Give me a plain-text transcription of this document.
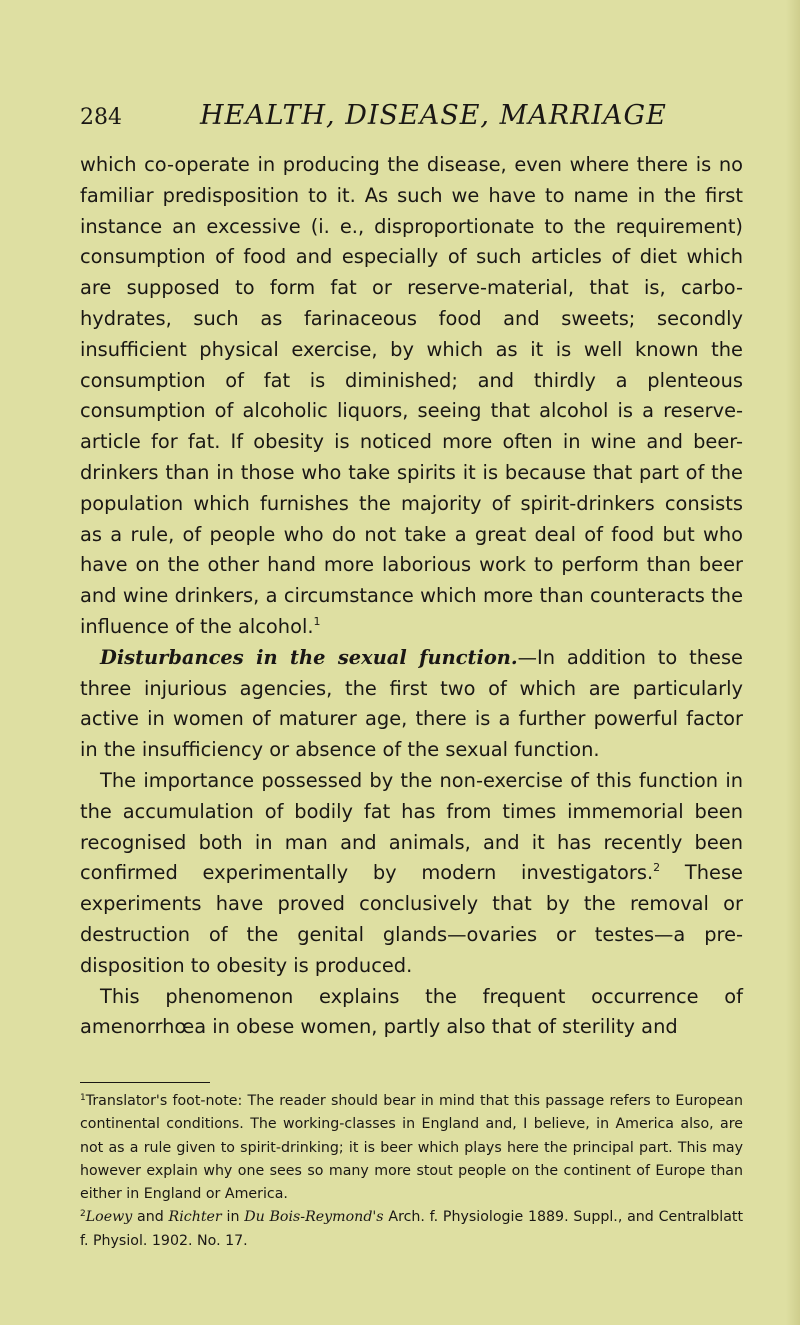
284	HEALTH, DISEASE, MARRIAGE

which co-operate in producing the disease, even where there is no familiar predisposition to it. As such we have to name in the first instance an excessive (i. e., disproportionate to the requirement) consumption of food and especially of such articles of diet which are supposed to form fat or reserve-material, that is, carbo-hydrates, such as farinaceous food and sweets; secondly insufficient physical exercise, by which as it is well known the consumption of fat is diminished; and thirdly a plenteous consumption of alcoholic liquors, seeing that alcohol is a reserve-article for fat. If obesity is noticed more often in wine and beer-drinkers than in those who take spirits it is because that part of the population which furnishes the majority of spirit-drinkers consists as a rule, of people who do not take a great deal of food but who have on the other hand more laborious work to perform than beer and wine drinkers, a circumstance which more than counteracts the influence of the alcohol.$^1$

Disturbances in the sexual function.—In addition to these three injurious agencies, the first two of which are particularly active in women of maturer age, there is a further powerful factor in the insufficiency or absence of the sexual function.

The importance possessed by the non-exercise of this function in the accumulation of bodily fat has from times immemorial been recognised both in man and animals, and it has recently been confirmed experimentally by modern investigators.$^2$ These experiments have proved conclusively that by the removal or destruction of the genital glands—ovaries or testes—a predisposition to obesity is produced.

This phenomenon explains the frequent occurrence of amenorrhœa in obese women, partly also that of sterility and

$^1$Translator's foot-note: The reader should bear in mind that this passage refers to European continental conditions. The working-classes in England and, I believe, in America also, are not as a rule given to spirit-drinking; it is beer which plays here the principal part. This may however explain why one sees so many more stout people on the continent of Europe than either in England or America.

$^2$Loewy and Richter in Du Bois-Reymond's Arch. f. Physiologie 1889. Suppl., and Centralblatt f. Physiol. 1902. No. 17.
